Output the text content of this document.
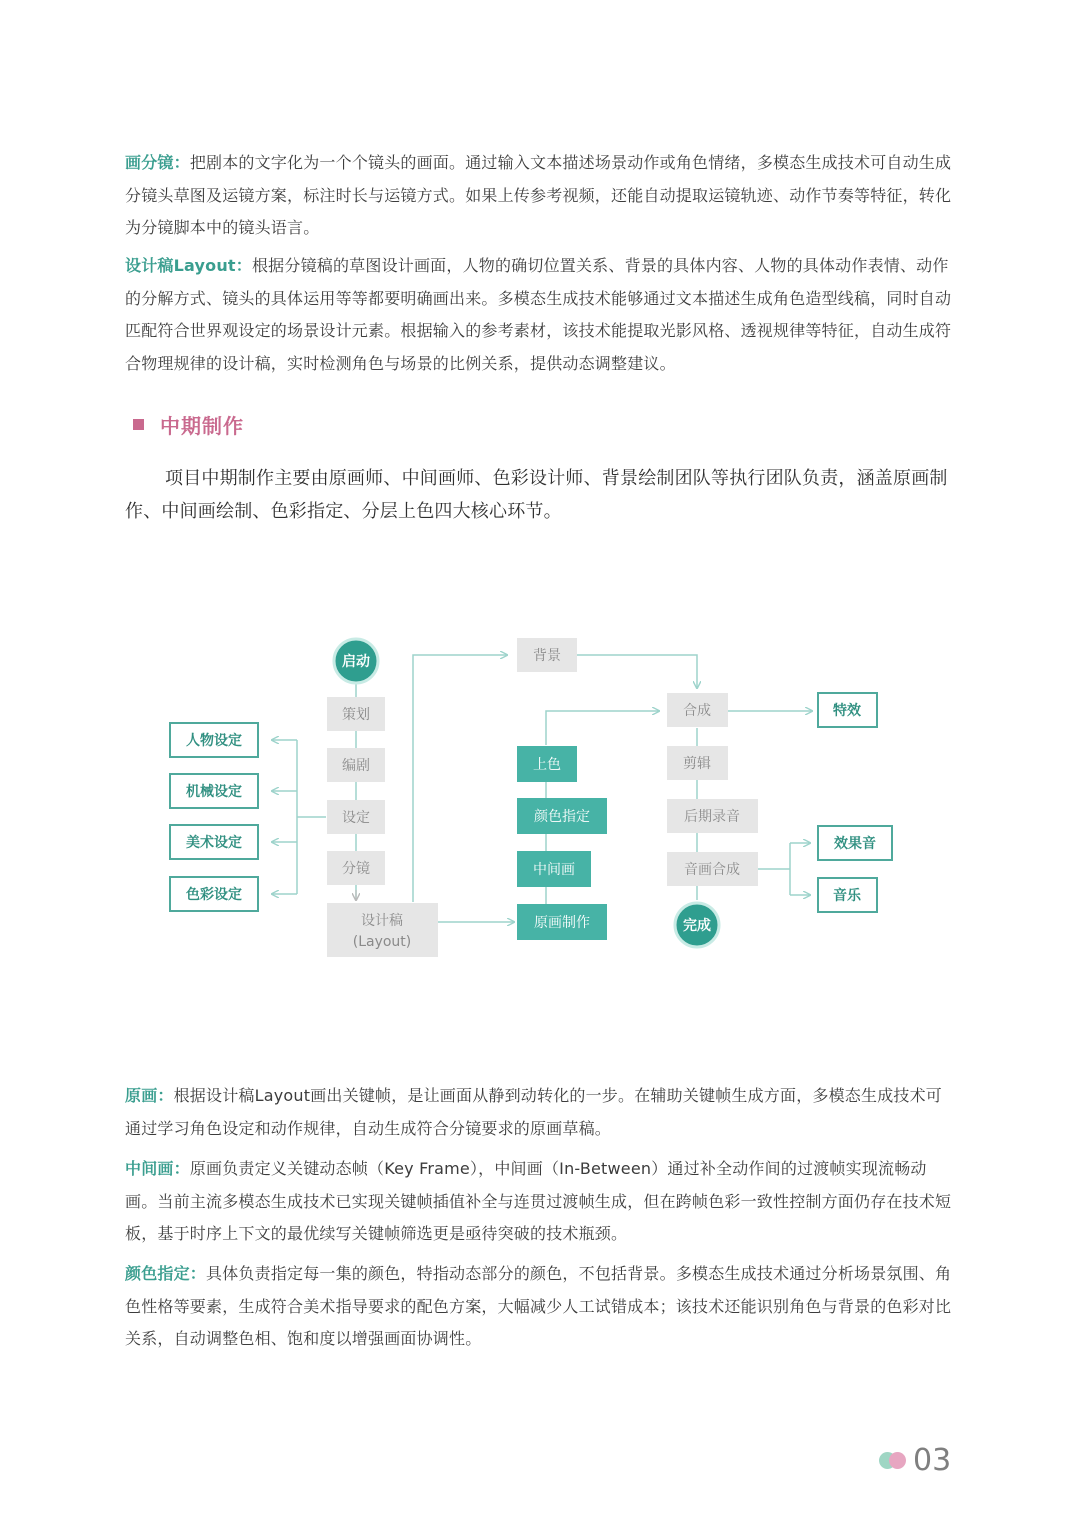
画分镜：把剧本的文字化为一个个镜头的画面。通过输入文本描述场景动作或角色情绪，多模态生成技术可自动生成分镜头草图及运镜方案，标注时长与运镜方式。如果上传参考视频，还能自动提取运镜轨迹、动作节奏等特征，转化为分镜脚本中的镜头语言。

设计稿Layout：根据分镜稿的草图设计画面，人物的确切位置关系、背景的具体内容、人物的具体动作表情、动作的分解方式、镜头的具体运用等等都要明确画出来。多模态生成技术能够通过文本描述生成角色造型线稿，同时自动匹配符合世界观设定的场景设计元素。根据输入的参考素材，该技术能提取光影风格、透视规律等特征，自动生成符合物理规律的设计稿，实时检测角色与场景的比例关系，提供动态调整建议。

中期制作

项目中期制作主要由原画师、中间画师、色彩设计师、背景绘制团队等执行团队负责，涵盖原画制作、中间画绘制、色彩指定、分层上色四大核心环节。

启动
策划
编剧
设定
分镜
设计稿
(Layout)
人物设定
机械设定
美术设定
色彩设定
背景
上色
颜色指定
中间画
原画制作
合成
剪辑
后期录音
音画合成
完成
特效
效果音
音乐

原画：根据设计稿Layout画出关键帧，是让画面从静到动转化的一步。在辅助关键帧生成方面，多模态生成技术可通过学习角色设定和动作规律，自动生成符合分镜要求的原画草稿。

中间画：原画负责定义关键动态帧（Key Frame），中间画（In-Between）通过补全动作间的过渡帧实现流畅动画。当前主流多模态生成技术已实现关键帧插值补全与连贯过渡帧生成，但在跨帧色彩一致性控制方面仍存在技术短板，基于时序上下文的最优续写关键帧筛选更是亟待突破的技术瓶颈。

颜色指定：具体负责指定每一集的颜色，特指动态部分的颜色，不包括背景。多模态生成技术通过分析场景氛围、角色性格等要素，生成符合美术指导要求的配色方案，大幅减少人工试错成本；该技术还能识别角色与背景的色彩对比关系，自动调整色相、饱和度以增强画面协调性。

03
